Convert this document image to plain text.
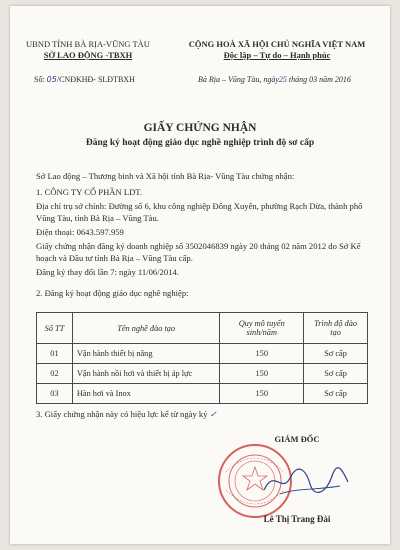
UBND TỈNH BÀ RỊA-VŨNG TÀU
SỞ LAO ĐỘNG -TBXH
CỘNG HOÀ XÃ HỘI CHỦ NGHĨA VIỆT NAM
Độc lập – Tự do – Hạnh phúc
Số: 05/CNĐKHĐ- SLĐTBXH	Bà Rịa – Vũng Tàu, ngày25 tháng 03 năm 2016
GIẤY CHỨNG NHẬN
Đăng ký hoạt động giáo dục nghề nghiệp trình độ sơ cấp
Sở Lao động – Thương binh và Xã hội tỉnh Bà Rịa- Vũng Tàu chứng nhận:
1. CÔNG TY CỔ PHẦN LDT.
Địa chỉ trụ sở chính: Đường số 6, khu công nghiệp Đông Xuyên, phường Rạch Dừa, thành phố Vũng Tàu, tỉnh Bà Rịa – Vũng Tàu.
Điện thoại: 0643.597.959
Giấy chứng nhận đăng ký doanh nghiệp số 3502046839 ngày 20 tháng 02 năm 2012 do Sở Kế hoạch và Đầu tư tỉnh Bà Rịa – Vũng Tàu cấp.
Đăng ký thay đổi lần 7: ngày 11/06/2014.
2. Đăng ký hoạt động giáo dục nghề nghiệp:
Số TT	Tên nghề đào tạo	Quy mô tuyển sinh/năm	Trình độ đào tạo
01	Vận hành thiết bị nâng	150	Sơ cấp
02	Vận hành nồi hơi và thiết bị áp lực	150	Sơ cấp
03	Hàn hơi và Inox	150	Sơ cấp
3. Giấy chứng nhận này có hiệu lực kể từ ngày ký ✓
GIÁM ĐỐC
Lê Thị Trang Đài
